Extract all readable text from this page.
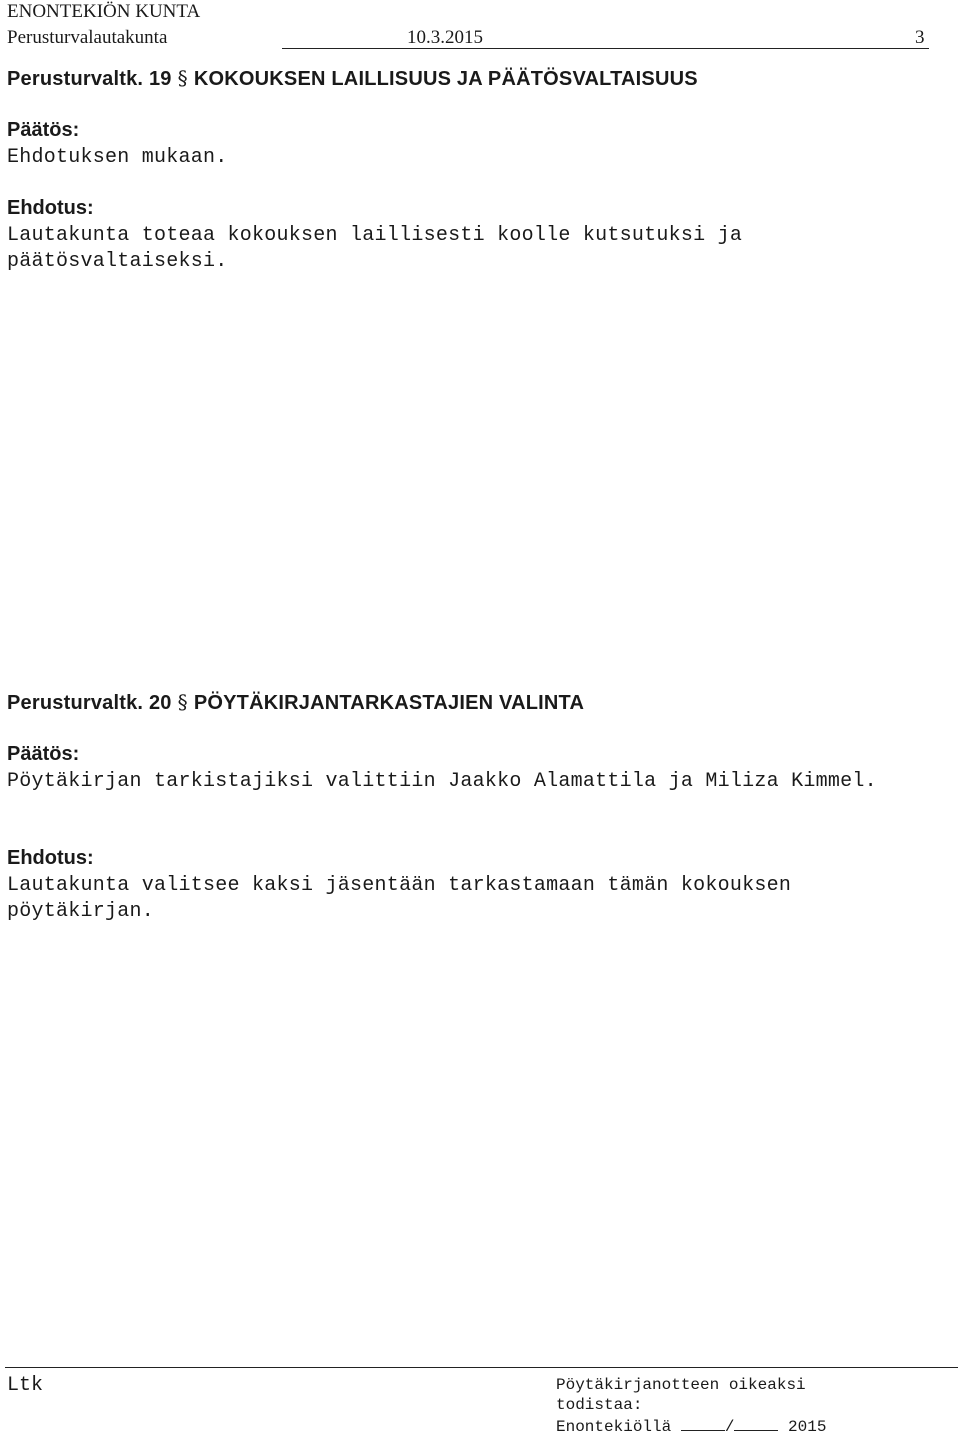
ENONTEKIÖN KUNTA
Perusturvalautakunta	10.3.2015	3
Perusturvaltk. 19 § KOKOUKSEN LAILLISUUS JA PÄÄTÖSVALTAISUUS
Päätös:
Ehdotuksen mukaan.
Ehdotus:
Lautakunta toteaa kokouksen laillisesti koolle kutsutuksi ja päätösvaltaiseksi.
Perusturvaltk. 20 § PÖYTÄKIRJANTARKASTAJIEN VALINTA
Päätös:
Pöytäkirjan tarkistajiksi valittiin Jaakko Alamattila ja Miliza Kimmel.
Ehdotus:
Lautakunta valitsee kaksi jäsentään tarkastamaan tämän kokouksen pöytäkirjan.
Ltk	Pöytäkirjanotteen oikeaksi
todistaa:
Enontekiöllä	/	2015
